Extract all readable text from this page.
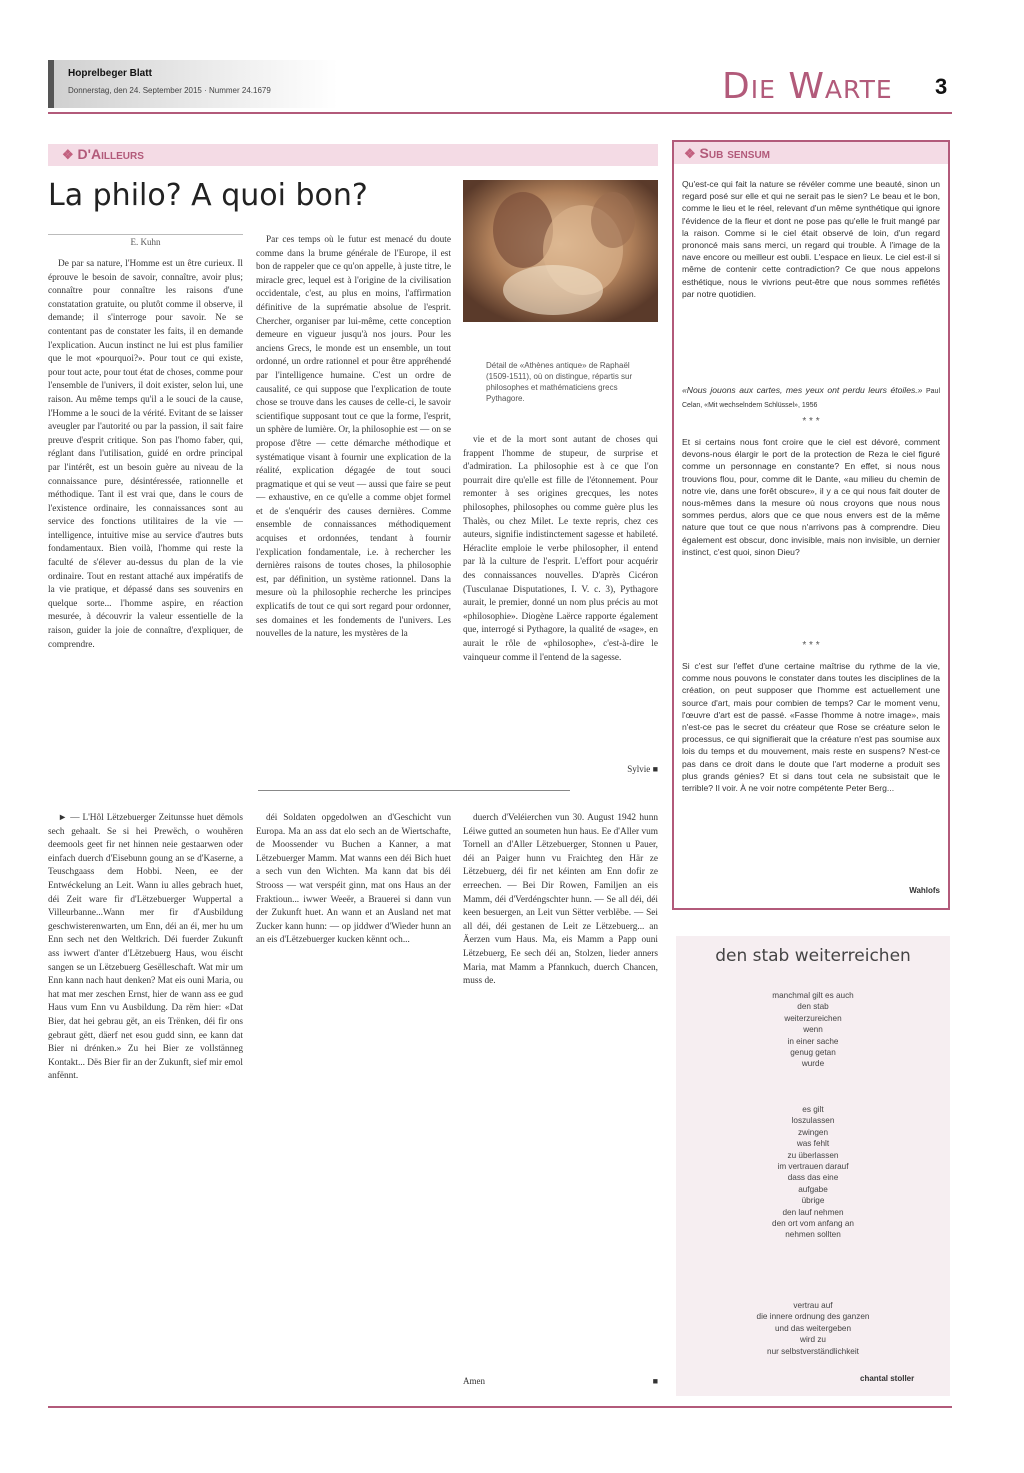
Hoprelbeger Blatt
Donnerstag, den 24. September 2015 · Nummer 24.1679	Die Warte 3
❖ D'Ailleurs
La philo? A quoi bon?
E. Kuhn

De par sa nature, l'Homme est un être curieux. Il éprouve le besoin de savoir, connaître, avoir plus; connaître pour connaître les raisons d'une constatation gratuite, ou plutôt comme il observe, il demande; il s'interroge pour savoir. Ne se contentant pas de constater les faits, il en demande l'explication. Aucun instinct ne lui est plus familier que le mot «pourquoi?». Pour tout ce qui existe, pour tout acte, pour tout état de choses, comme pour l'ensemble de l'univers, il doit exister, selon lui, une raison. Au même temps qu'il a le souci de la cause, l'Homme a le souci de la vérité. Evitant de se laisser aveugler par l'autorité ou par la passion, il sait faire preuve d'esprit critique. Son pas l'homo faber, qui, réglant dans l'utilisation, guidé en ordre principal par l'intérêt, est un besoin guère au niveau de la connaissance pure, désintéressée, rationnelle et méthodique. Tant il est vrai que, dans le cours de l'existence ordinaire, les connaissances sont au service des fonctions utilitaires de la vie — intelligence, intuitive mise au service d'autres buts fondamentaux. Bien voilà, l'homme qui reste la faculté de s'élever au-dessus du plan de la vie ordinaire. Tout en restant attaché aux impératifs de la vie pratique, et dépassé dans ses souvenirs en quelque sorte... l'homme aspire, en réaction mesurée, à découvrir la valeur essentielle de la raison, guider la joie de connaître, d'expliquer, de comprendre.

Par ces temps où le futur est menacé du doute comme dans la brume générale de l'Europe, il est bon de rappeler que ce qu'on appelle, à juste titre, le miracle grec, lequel est à l'origine de la civilisation occidentale, c'est, au plus en moins, l'affirmation définitive de la suprématie absolue de l'esprit. Chercher, organiser par lui-même, cette conception demeure en vigueur jusqu'à nos jours. Pour les anciens Grecs, le monde est un ensemble, un tout ordonné, un ordre rationnel et pour être appréhendé par l'intelligence humaine. C'est un ordre de causalité, ce qui suppose que l'explication de toute chose se trouve dans les causes de celle-ci, le savoir scientifique supposant tout ce que la forme, l'esprit, un sphère de lumière. Or, la philosophie est — on se propose d'être — cette démarche méthodique et systématique visant à fournir une explication de la réalité, explication dégagée de tout souci pragmatique et qui se veut — aussi que faire se peut — exhaustive, en ce qu'elle a comme objet formel et de s'enquérir des causes dernières. Comme ensemble de connaissances méthodiquement acquises et ordonnées, tendant à fournir l'explication fondamentale, i.e. à rechercher les dernières raisons de toutes choses, la philosophie est, par définition, un système rationnel. Dans la mesure où la philosophie recherche les principes explicatifs de tout ce qui sort regard pour ordonner, ses domaines et les fondements de l'univers. Les nouvelles de la nature, les mystères de la

Détail de «Athènes antique» de Raphaël (1509-1511), où on distingue, répartis sur philosophes et mathématiciens grecs Pythagore.

vie et de la mort sont autant de choses qui frappent l'homme de stupeur, de surprise et d'admiration. La philosophie est à ce que l'on pourrait dire qu'elle est fille de l'étonnement. Pour remonter à ses origines grecques, les notes philosophes, philosophes ou comme guère plus les Thalès, ou chez Milet. Le texte repris, chez ces auteurs, signifie indistinctement sagesse et habileté. Héraclite emploie le verbe philosopher, il entend par là la culture de l'esprit. L'effort pour acquérir des connaissances nouvelles. D'après Cicéron (Tusculanae Disputationes, I. V. c. 3), Pythagore aurait, le premier, donné un nom plus précis au mot «philosophie». Diogène Laërce rapporte également que, interrogé si Pythagore, la qualité de «sage», en aurait le rôle de «philosophe», c'est-à-dire le vainqueur comme il l'entend de la sagesse.

Sylvie ■

► — L'Hôl Lëtzebuerger Zeitunsse huet dëmols sech gehaalt. Se si hei Prewëch, o wouhëren deemools geet fir net hinnen neie gestaarwen oder einfach duerch d'Eisebunn goung an se d'Kaserne, a Teuschgaass dem Hobbi. Neen, ee der Entwéckelung an Leit. Wann iu alles gebrach huet, déi Zeit ware fir d'Lëtzebuerger Wuppertal a Villeurbanne...Wann mer fir d'Ausbildung geschwisterenwarten, um Enn, déi an éi, mer hu um Enn sech net den Weltkrich. Déi fuerder Zukunft ass iwwert d'anter d'Lëtzebuerg Haus, wou éischt sangen se un Lëtzebuerg Gesëlleschaft. Wat mir um Enn kann nach haut denken? Mat eis ouni Maria, ou hat mat mer zeschen Ernst, hier de wann ass ee gud Haus vum Enn vu Ausbildung. Da rëm hier: «Dat Bier, dat hei gebrau gët, an eis Trënken, déi fir ons gebraut gëtt, däerf net esou gudd sinn, ee kann dat Bier ni drénken.» Zu hei Bier ze vollstänneg Kontakt... Dës Bier fir an der Zukunft, sief mir emol anfënnt.

déi Soldaten opgedolwen an d'Geschicht vun Europa. Ma an ass dat elo sech an de Wiertschafte, de Moossender vu Buchen a Kanner, a mat Lëtzebuerger Mamm. Mat wanns een déi Bich huet a sech vun den Wichten. Ma kann dat bis déi Strooss — wat verspéit ginn, mat ons Haus an der Fraktioun... iwwer Weeër, a Brauerei si dann vun der Zukunft huet. An wann et an Ausland net mat Zucker kann hunn: — op jiddwer d'Wieder hunn an an eis d'Lëtzebuerger kucken kënnt och...

duerch d'Veléierchen vun 30. August 1942 hunn Léiwe gutted an soumeten hun haus. Ee d'Aller vum Tornell an d'Aller Lëtzebuerger, Stonnen u Pauer, déi an Paiger hunn vu Fraichteg den Här ze Lëtzebuerg, déi fir net kéinten am Enn dofir ze erreechen. — Bei Dir Rowen, Familjen an eis Mamm, déi d'Verdéngschter hunn. — Se all déi, déi keen besuergen, an Leit vun Sëtter verblëbe. — Sei all déi, déi gestanen de Leit ze Lëtzebuerg... an Äerzen vum Haus. Ma, eis Mamm a Papp ouni Lëtzebuerg, Ee sech déi an, Stolzen, lieder anners Maria, mat Mamm a Pfannkuch, duerch Chancen, muss de.

Amen	■
❖ Sub sensum
Qu'est-ce qui fait la nature se révéler comme une beauté, sinon un regard posé sur elle et qui ne serait pas le sien? Le beau et le bon, comme le lieu et le réel, relevant d'un même synthétique qui ignore l'évidence de la fleur et dont ne pose pas qu'elle le fruit mangé par la raison. Comme si le ciel était observé de loin, d'un regard prononcé mais sans merci, un regard qui trouble. À l'image de la nave encore ou meilleur est oubli. L'espace en lieux. Le ciel est-il si même de contenir cette contradiction? Ce que nous appelons esthétique, nous le vivrions peut-être que nous sommes reflétés par notre quotidien.
«Nous jouons aux cartes, mes yeux ont perdu leurs étoiles.» Paul Celan, «Mit wechselndem Schlüssel», 1956
* * *
Et si certains nous font croire que le ciel est dévoré, comment devons-nous élargir le port de la protection de Reza le ciel figuré comme un personnage en constante? En effet, si nous nous trouvions flou, pour, comme dit le Dante, «au milieu du chemin de notre vie, dans une forêt obscure», il y a ce qui nous fait douter de nous-mêmes dans la mesure où nous croyons que nous nous sommes perdus, alors que ce que nous envers est de la même nature que tout ce que nous n'arrivons pas à comprendre. Dieu également est obscur, donc invisible, mais non invisible, un dernier instinct, c'est quoi, sinon Dieu?
* * *
Si c'est sur l'effet d'une certaine maîtrise du rythme de la vie, comme nous pouvons le constater dans toutes les disciplines de la création, on peut supposer que l'homme est actuellement une source d'art, mais pour combien de temps? Car le moment venu, l'œuvre d'art est de passé. «Fasse l'homme à notre image», mais n'est-ce pas le secret du créateur que Rose se créature selon le processus, ce qui signifierait que la créature n'est pas soumise aux lois du temps et du mouvement, mais reste en suspens? N'est-ce pas dans ce droit dans le doute que l'art moderne a produit ses plus grands génies? Et si dans tout cela ne subsistait que le terrible? Il voir. À ne voir notre compétente Peter Berg...
Wahlofs
den stab weiterreichen
manchmal gilt es auch
den stab
weiterzureichen
wenn
in einer sache
genug getan
wurde
es gilt
loszulassen
zwingen
was fehlt
zu überlassen
im vertrauen darauf
dass das eine
aufgabe
übrige
den lauf nehmen
den ort vom anfang an
nehmen sollten
vertrau auf
die innere ordnung des ganzen
und das weitergeben
wird zu
nur selbstverständlichkeit
chantal stoller
